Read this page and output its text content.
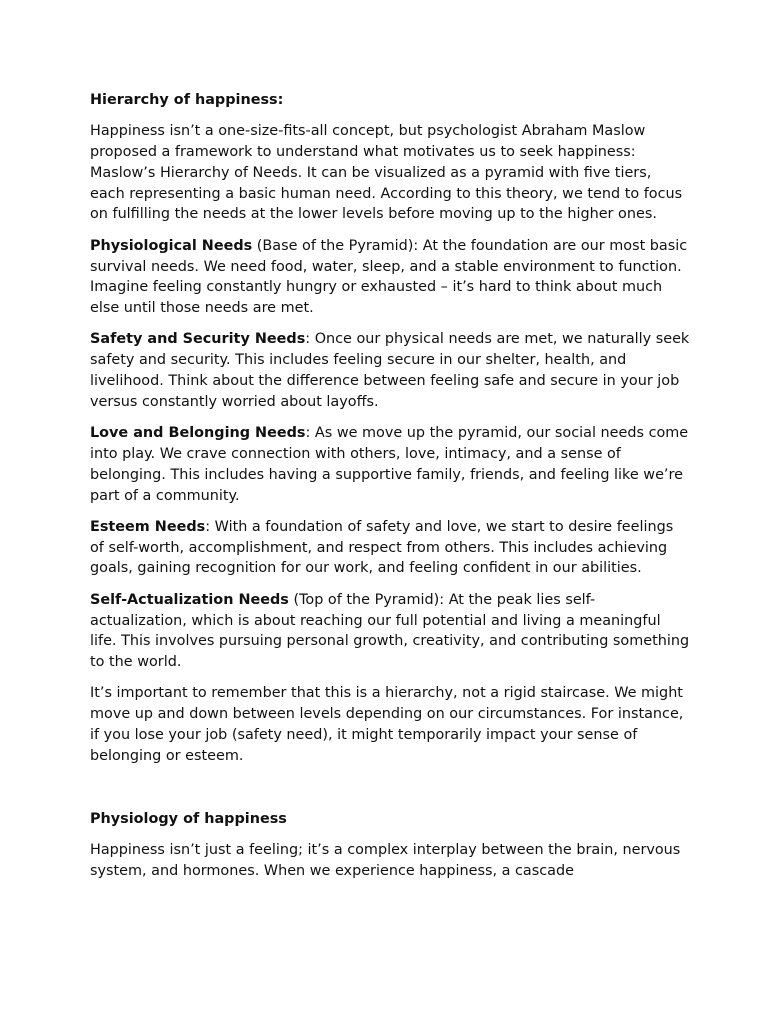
Hierarchy of happiness:

Happiness isn’t a one-size-fits-all concept, but psychologist Abraham Maslow proposed a framework to understand what motivates us to seek happiness: Maslow’s Hierarchy of Needs. It can be visualized as a pyramid with five tiers, each representing a basic human need. According to this theory, we tend to focus on fulfilling the needs at the lower levels before moving up to the higher ones.

Physiological Needs (Base of the Pyramid): At the foundation are our most basic survival needs. We need food, water, sleep, and a stable environment to function. Imagine feeling constantly hungry or exhausted – it’s hard to think about much else until those needs are met.

Safety and Security Needs: Once our physical needs are met, we naturally seek safety and security. This includes feeling secure in our shelter, health, and livelihood. Think about the difference between feeling safe and secure in your job versus constantly worried about layoffs.

Love and Belonging Needs: As we move up the pyramid, our social needs come into play. We crave connection with others, love, intimacy, and a sense of belonging. This includes having a supportive family, friends, and feeling like we’re part of a community.

Esteem Needs: With a foundation of safety and love, we start to desire feelings of self-worth, accomplishment, and respect from others. This includes achieving goals, gaining recognition for our work, and feeling confident in our abilities.

Self-Actualization Needs (Top of the Pyramid): At the peak lies self-actualization, which is about reaching our full potential and living a meaningful life. This involves pursuing personal growth, creativity, and contributing something to the world.

It’s important to remember that this is a hierarchy, not a rigid staircase. We might move up and down between levels depending on our circumstances. For instance, if you lose your job (safety need), it might temporarily impact your sense of belonging or esteem.

Physiology of happiness

Happiness isn’t just a feeling; it’s a complex interplay between the brain, nervous system, and hormones. When we experience happiness, a cascade
